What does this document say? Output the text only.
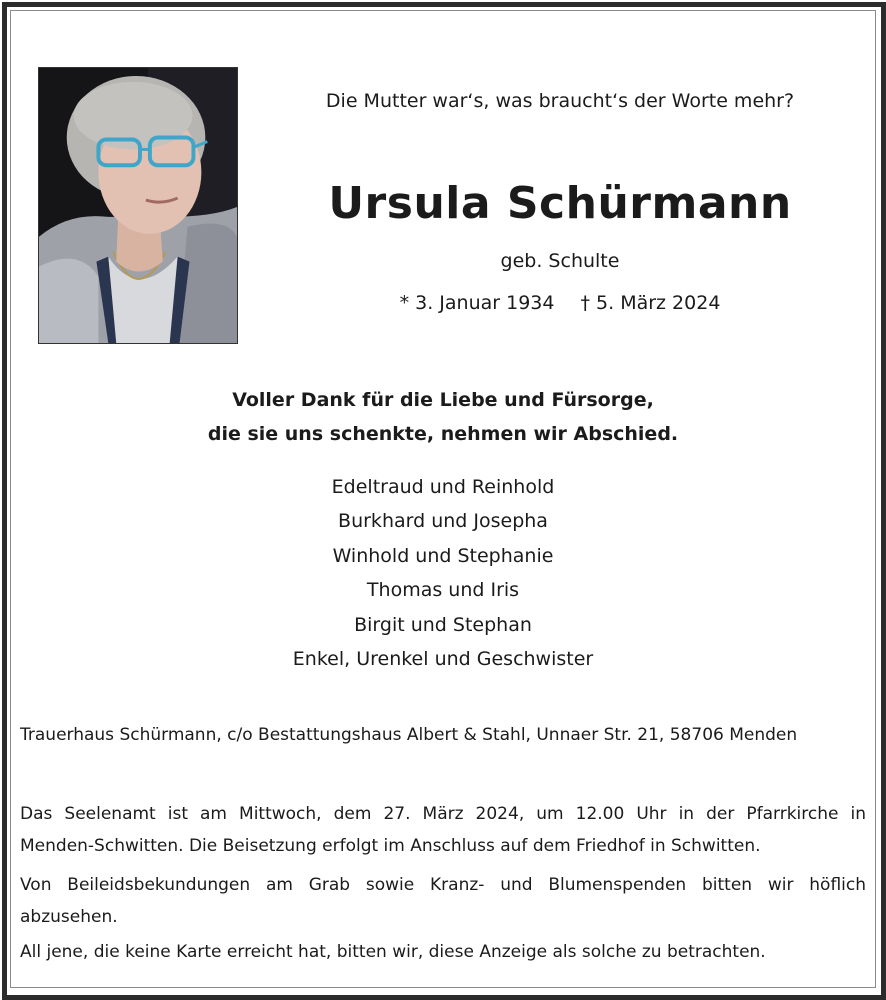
Die Mutter war‘s, was braucht‘s der Worte mehr?
Ursula Schürmann
geb. Schulte
* 3. Januar 1934 † 5. März 2024
Voller Dank für die Liebe und Fürsorge,
die sie uns schenkte, nehmen wir Abschied.
Edeltraud und Reinhold
Burkhard und Josepha
Winhold und Stephanie
Thomas und Iris
Birgit und Stephan
Enkel, Urenkel und Geschwister
Trauerhaus Schürmann, c/o Bestattungshaus Albert & Stahl, Unnaer Str. 21, 58706 Menden
Das Seelenamt ist am Mittwoch, dem 27. März 2024, um 12.00 Uhr in der Pfarrkirche in
Menden-Schwitten. Die Beisetzung erfolgt im Anschluss auf dem Friedhof in Schwitten.
Von Beileidsbekundungen am Grab sowie Kranz- und Blumenspenden bitten wir höflich
abzusehen.
All jene, die keine Karte erreicht hat, bitten wir, diese Anzeige als solche zu betrachten.
